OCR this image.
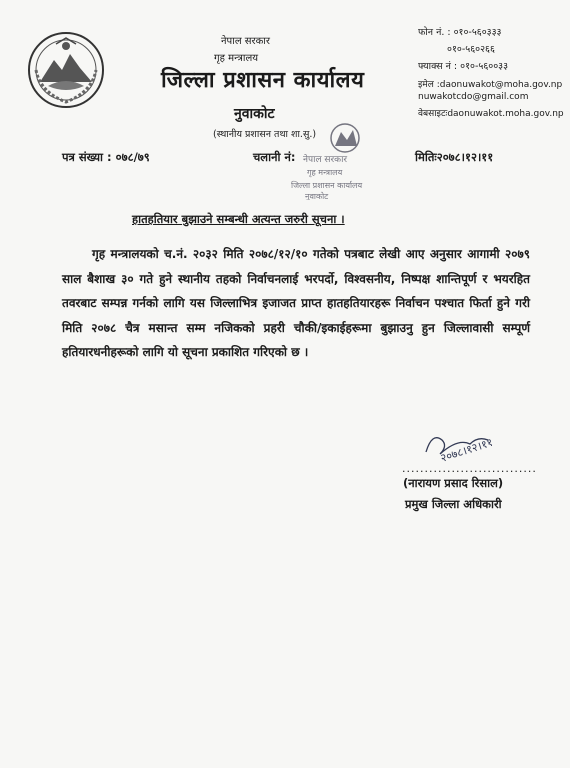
नेपाल सरकार
गृह मन्त्रालय
जिल्ला प्रशासन कार्यालय
नुवाकोट
(स्थानीय प्रशासन तथा शा.सु.)
फोन नं. : ०१०-५६०३३३
०१०-५६०२६६
फ्याक्स नं : ०१०-५६००३३
इमेल :daonuwakot@moha.gov.np
nuwakotcdo@gmail.com
वेबसाइटःdaonuwakot.moha.gov.np
पत्र संख्या : ०७८/७९	चलानी नं:	मितिः२०७८।१२।११
नेपाल सरकार
गृह मन्त्रालय
जिल्ला प्रशासन कार्यालय
नुवाकोट
हातहतियार बुझाउने सम्बन्धी अत्यन्त जरुरी सूचना ।
गृह मन्त्रालयको च.नं. २०३२ मिति २०७८/१२/१० गतेको पत्रबाट लेखी आए अनुसार आगामी २०७९ साल बैशाख ३० गते हुने स्थानीय तहको निर्वाचनलाई भरपर्दो, विश्वसनीय, निष्पक्ष शान्तिपूर्ण र भयरहित तवरबाट सम्पन्न गर्नको लागि यस जिल्लाभित्र इजाजत प्राप्त हातहतियारहरू निर्वाचन पश्चात फिर्ता हुने गरी मिति २०७८ चैत्र मसान्त सम्म नजिकको प्रहरी चौकी/इकाईहरूमा बुझाउनु हुन जिल्लावासी सम्पूर्ण हतियारधनीहरूको लागि यो सूचना प्रकाशित गरिएको छ ।
२०७८।१२।११
..............................
(नारायण प्रसाद रिसाल)
प्रमुख जिल्ला अधिकारी
